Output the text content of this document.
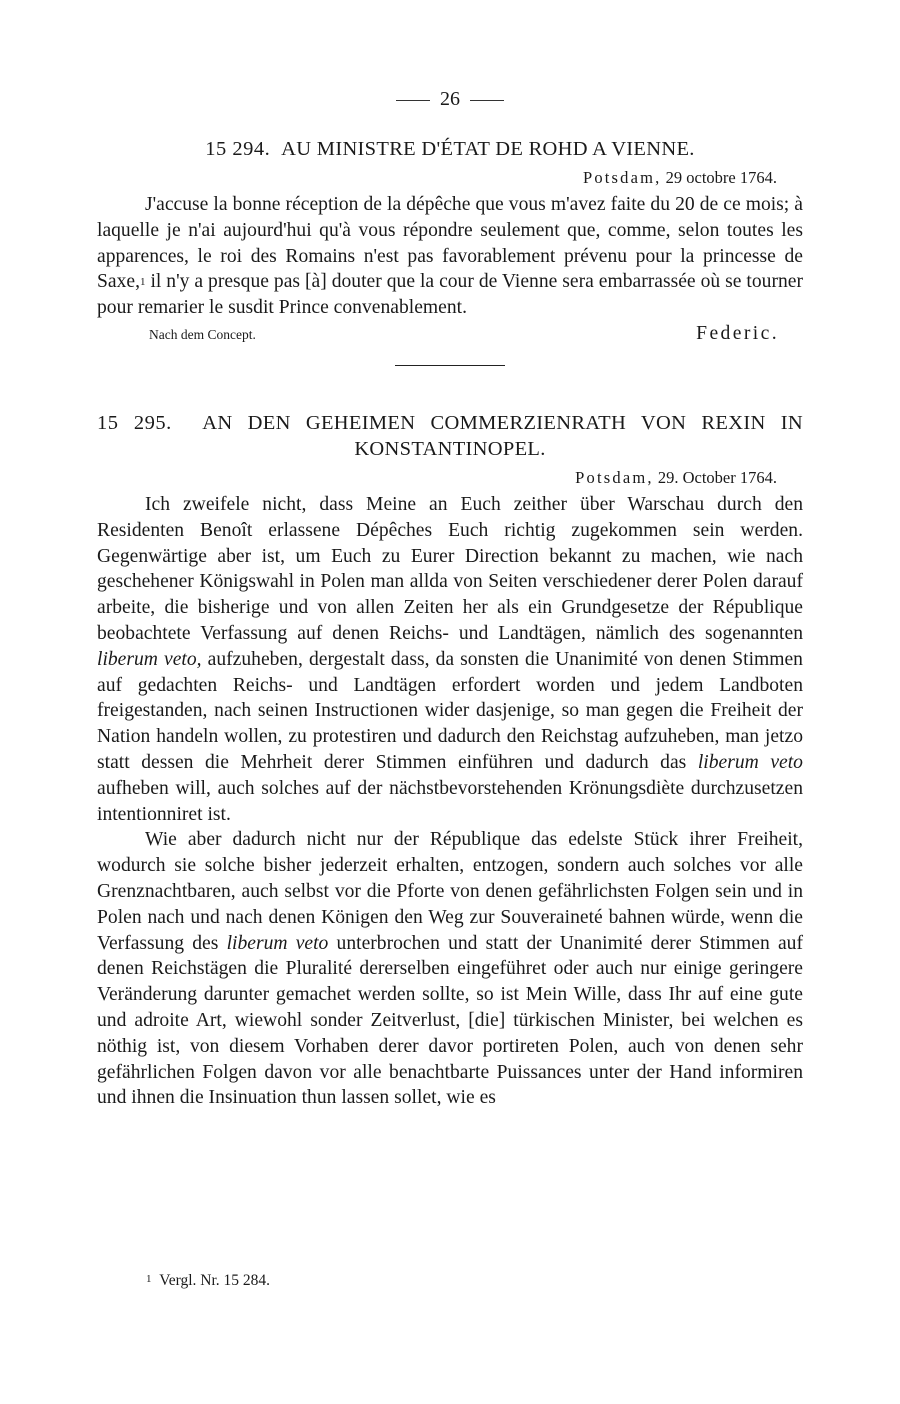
26

15 294. AU MINISTRE D'ÉTAT DE ROHD A VIENNE.

Potsdam, 29 octobre 1764.

J'accuse la bonne réception de la dépêche que vous m'avez faite du 20 de ce mois; à laquelle je n'ai aujourd'hui qu'à vous répondre seulement que, comme, selon toutes les apparences, le roi des Romains n'est pas favorablement prévenu pour la princesse de Saxe,$^1$ il n'y a presque pas [à] douter que la cour de Vienne sera embarrassée où se tourner pour remarier le susdit Prince convenablement.

Nach dem Concept.	Federic.

15 295. AN DEN GEHEIMEN COMMERZIENRATH VON REXIN IN KONSTANTINOPEL.

Potsdam, 29. October 1764.

Ich zweifele nicht, dass Meine an Euch zeither über Warschau durch den Residenten Benoît erlassene Dépêches Euch richtig zugekommen sein werden. Gegenwärtige aber ist, um Euch zu Eurer Direction bekannt zu machen, wie nach geschehener Königswahl in Polen man allda von Seiten verschiedener derer Polen darauf arbeite, die bisherige und von allen Zeiten her als ein Grundgesetze der République beobachtete Verfassung auf denen Reichs- und Landtägen, nämlich des sogenannten liberum veto, aufzuheben, dergestalt dass, da sonsten die Unanimité von denen Stimmen auf gedachten Reichs- und Landtägen erfordert worden und jedem Landboten freigestanden, nach seinen Instructionen wider dasjenige, so man gegen die Freiheit der Nation handeln wollen, zu protestiren und dadurch den Reichstag aufzuheben, man jetzo statt dessen die Mehrheit derer Stimmen einführen und dadurch das liberum veto aufheben will, auch solches auf der nächstbevorstehenden Krönungsdiète durchzusetzen intentionniret ist.

Wie aber dadurch nicht nur der République das edelste Stück ihrer Freiheit, wodurch sie solche bisher jederzeit erhalten, entzogen, sondern auch solches vor alle Grenznachtbaren, auch selbst vor die Pforte von denen gefährlichsten Folgen sein und in Polen nach und nach denen Königen den Weg zur Souveraineté bahnen würde, wenn die Verfassung des liberum veto unterbrochen und statt der Unanimité derer Stimmen auf denen Reichstägen die Pluralité dererselben eingeführet oder auch nur einige geringere Veränderung darunter gemachet werden sollte, so ist Mein Wille, dass Ihr auf eine gute und adroite Art, wiewohl sonder Zeitverlust, [die] türkischen Minister, bei welchen es nöthig ist, von diesem Vorhaben derer davor portireten Polen, auch von denen sehr gefährlichen Folgen davon vor alle benachtbarte Puissances unter der Hand informiren und ihnen die Insinuation thun lassen sollet, wie es

$^1$ Vergl. Nr. 15 284.
